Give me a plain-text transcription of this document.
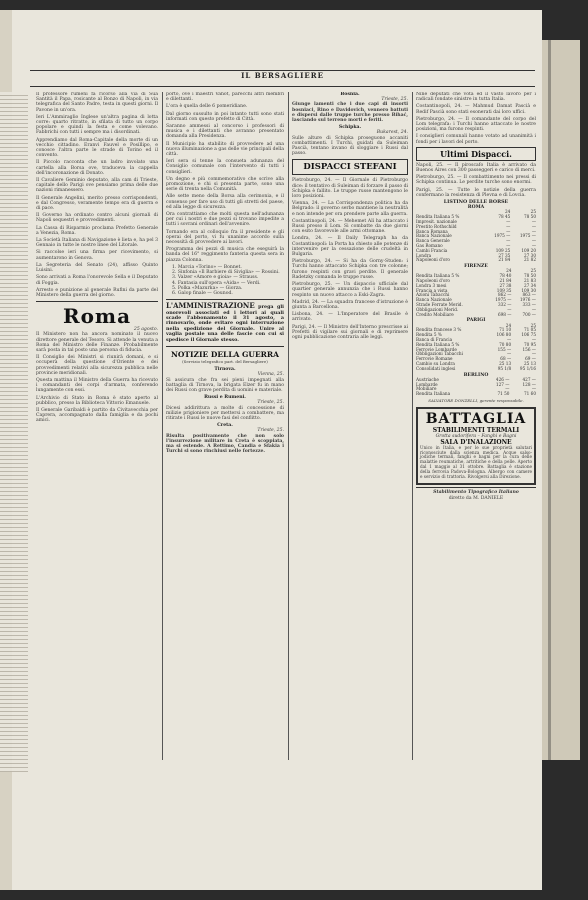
IL BERSAGLIERE

Il professore rumeni fa ricorso alla via di Sua Santità il Papa, rosicante al Bonzo di Napoli, in via telegrafica del Santo Padre, testa in questi giorni. Il Pavone in un'ora.

Ieri L'Ammiraglio Inglese un'altra pagina di lotta corre: quarto ritratto, in sfilata di tutto un corpo popolare e quindi la festa e come volevano. Fabbrichi con tutti i sempre ma i disordinati.

Apprendiamo dal Roma-Capitale della morte di un vecchio cittadino. Eranvi Fauvel e Posillipo, e conosce l'altra parte le strade di Torino ed il convento.

Il Piccolo racconta che un ladro involato una cartella alla Borsa ove, traduceva la cappella dell'incoronazione di Donato.

Il Cavaliere Geminio deputato, alla cam di Trieste, capitale dello Parigi ove pensiamo prima delle due nazioni rimanessero.

Il Generale Angelini, merito presso corrispondenti, e dal Congresso, veramente tempo era di guerra e di pace.

Il Governo ha ordinato contro alcuni giornali di Napoli sequestri e provvedimenti.

La Cassa di Risparmio proclama Prefetto Generale a Venezia, Roma.

La Società Italiana di Navigazione è lieta e, ha pel 3 Gennaio in tutte le nostre linee del Litorale.

Si raccolse ieri una firma per ricevimento, si aumentarono in Genova.

La Segreteria del Senato (24), affisso Quinto Luisini.

Sono arrivati a Roma l'onorevole Sella e il Deputato di Foggia.

Arresto e punizione al generale Rufini da parte del Ministero della guerra del giorno.

Roma
25 agosto.

Il Ministero non ha ancora nominato il nuovo direttore generale del Tesoro. Si attende la venuta a Roma del Ministro delle Finanze. Probabilmente sarà posta in tal posto una persona di fiducia.

Il Consiglio dei Ministri si riunirà domani, e si occuperà della questione d'Oriente e dei provvedimenti relativi alla sicurezza pubblica nelle provincie meridionali.

Questa mattina il Ministro della Guerra ha ricevuto i comandanti dei corpi d'armata, conferendo lungamente con essi.

L'Archivio di Stato in Roma è stato aperto al pubblico, presso la Biblioteca Vittorio Emanuele.

Il Generale Garibaldi è partito da Civitavecchia per Caprera, accompagnato dalla famiglia e da pochi amici.

porto, ove i maestri Vahot, parecchi altri membri e dilettanti.

L'ora è quella delle 6 pomeridiane.

Dal giorno sussulto in poi intanto tutti sono stati informati con questo prefetto di Città.

Saranno ammessi al concorso i professori di musica e i dilettanti che avranno presentato domanda alla Presidenza.

Il Municipio ha stabilito di provvedere ad una nuova illuminazione a gas delle vie principali della città.

Ieri sera si tenne la consueta adunanza del Consiglio comunale con l'intervento di tutti i consiglieri.

Un degno e più commemorativo che scrive alla promozione, e chi si presenta parte, sono una serie di trenta nella Comunità.

Alle sette meno della Borsa alla cerimonia, e il consenso per fare uso di tutti gli stretti del paese, ed alla legge di sicurezza.

Ora contrattiamo che molti questa nell'adunanza per cui i nostri e due pezzi si trovano impedite a tutti i sovrani ordinari dell'avvenire.

Tornando era al colloquio fra il presidente e gli operai del porto, vi fu unanime accordo sulla necessità di provvedere ai lavori.

Programma dei pezzi di musica che eseguirà la banda del 16° reggimento fanteria questa sera in piazza Colonna.

1. Marcia «Torino» — Bonnet.
2. Sinfonia «Il Barbiere di Siviglia» — Rossini.
3. Valzer «Amore e gioia» — Strauss.
4. Fantasia sull'opera «Aida» — Verdi.
5. Polka «Mazurka» — Giorza.
6. Galop finale — Gounod.
L'AMMINISTRAZIONE prega gli onorevoli associati ed i lettori ai quali scade l'abbonamento il 31 agosto, a rinnovarlo, onde evitare ogni interruzione nella spedizione del Giornale. Unire al vaglia postale una delle fascie con cui si spedisce il Giornale stesso.
NOTIZIE DELLA GUERRA
(Servizio telegrafico part. del Bersagliere)
Tirnova.
Vienna, 25.

Si assicura che fra sei pieni impegnati alla battaglia di Tirnova, la brigata Elzer fu in mano dei Russi con grave perdita di uomini e materiale.

Russi e Rumeni.
Trieste, 25.

Dicesi addirittura a molte di concessione di milizie prigioniere per mettersi a combattere, ma ritirate i Russi le nuove fasi del conflitto.

Creta.
Trieste, 25.

Risulta positivamente che non solo l'insurrezione militare in Creta è scoppiata, ma si estende. A Rettimo, Candia e Sfakia i Turchi si sono rinchiusi nelle fortezze.

Bosnia.
Trieste, 25.

Giunge lamenti che i due capi di insorti bosniaci, Rino e Davidovich, vennero battuti e dispersi dalle truppe turche presso Bihać, lasciando sul terreno morti e feriti.

Schipka.
Bukarest, 24.

Sulle alture di Schipka proseguono accaniti combattimenti. I Turchi, guidati da Suleiman Pascià, tentano invano di sloggiare i Russi dal passo.

DISPACCI STEFANI

Pietroburgo, 24. — Il Giornale di Pietroburgo dice: il tentativo di Suleiman di forzare il passo di Schipka è fallito. Le truppe russe mantengono le loro posizioni.

Vienna, 24. — La Corrispondenza politica ha da Belgrado: il governo serbo mantiene la neutralità e non intende per ora prendere parte alla guerra.

Costantinopoli, 24. — Mehemet Alì ha attaccato i Russi presso il Lom. Si combatte da due giorni con esito favorevole alle armi ottomane.

Londra, 24. — Il Daily Telegraph ha da Costantinopoli: la Porta ha chiesto alle potenze di intervenire per la cessazione delle crudeltà in Bulgaria.

Pietroburgo, 24. — Si ha da Gorny-Studen: i Turchi hanno attaccato Schipka con tre colonne; furono respinti con gravi perdite. Il generale Radetzky comanda le truppe russe.

Pietroburgo, 25. — Un dispaccio ufficiale dal quartier generale annunzia che i Russi hanno respinto un nuovo attacco a Eski-Zagra.

Madrid, 24. — La squadra francese d'istruzione è giunta a Barcellona.

Lisbona, 24. — L'Imperatore del Brasile è arrivato.

Parigi, 24. — Il Ministro dell'Interno prescrisse ai Prefetti di vigilare sui giornali e di reprimere ogni pubblicazione contraria alle leggi.

Nine deputati che vota ed il vasto lavoro per i radicali fondate sinistre in tutta Italia.

Costantinopoli, 24. — Mahmud Damat Pascià e Redif Pascià sono stati esonerati dai loro uffici.

Pietroburgo, 24. — Il comandante del corpo del Lom telegrafa: i Turchi hanno attaccato le nostre posizioni, ma furono respinti.

I consiglieri comunali hanno votato ad unanimità i fondi per i lavori del porto.

Ultimi Dispacci.

Napoli, 25. — Il piroscafo Italia è arrivato da Buenos Aires con 300 passeggeri e carico di merci.

Pietroburgo, 25. — Il combattimento nei pressi di Schipka continua. Le perdite turche sono enormi.

Parigi, 25. — Tutte le notizie della guerra confermano la resistenza di Plevna e di Lovcia.

LISTINO DELLE BORSE
ROMA
	24	25
Rendita Italiana 5 %	78 45	78 50
Impresit. nazionale	—	—
Prestito Rothschild	—	—
Banca Romana	—	—
Banca Nazionale	1975 —	1975 —
Banca Generale	—	—
Gas Romano	—	—
Cambi Francia	109 25	109 20
Londra	27 35	27 30
Napoleoni d'oro	21 84	21 82
FIRENZE
	24	25
Rendita Italiana 5 %	78 40	78 50
Napoleoni d'oro	21 84	21 83
Londra 3 mesi	27 38	27 34
Francia a vista	109 35	109 30
Azioni Tabacchi	862 —	863 —
Banca Nazionale	1975 —	1976 —
Strade Ferrate Merid.	332 —	333 —
Obbligazioni Merid.	—	—
Credito Mobiliare	698 —	700 —
PARIGI
	24	25
Rendita francese 3 %	71 10	71 05
Rendita 5 %	106 80	106 75
Banca di Francia	—	—
Rendita Italiana 5 %	70 80	70 95
Ferrovie Lombarde	155 —	156 —
Obbligazioni Tabacchi	—	—
Ferrovie Romane	68 —	69 —
Cambio su Londra	25 13	25 13
Consolidati inglesi	95 1/8	95 1/16
BERLINO
Austriache	426 —	427 —
Lombarde	127 —	128 —
Mobiliare	—	—
Rendita Italiana	71 50	71 60
SALVATORE DONZELLI, gerente responsabile.
BATTAGLIA
STABILIMENTI TERMALI
Grotta sudorifera – Fanghi e Bagni
SALA D'INALAZIONE

Unico in Italia, e per le sue proprietà salutari riconosciute dalla scienza medica. Acque salso-jodiche termali, fanghi e bagni per la cura delle malattie reumatiche, artritiche e della pelle. Aperto dal 1 maggio al 31 ottobre. Battaglia è stazione della ferrovia Padova-Bologna. Albergo con camere e servizio di trattoria. Rivolgersi alla Direzione.

Stabilimento Tipografico Italiano
diretto da M. DANIELE
